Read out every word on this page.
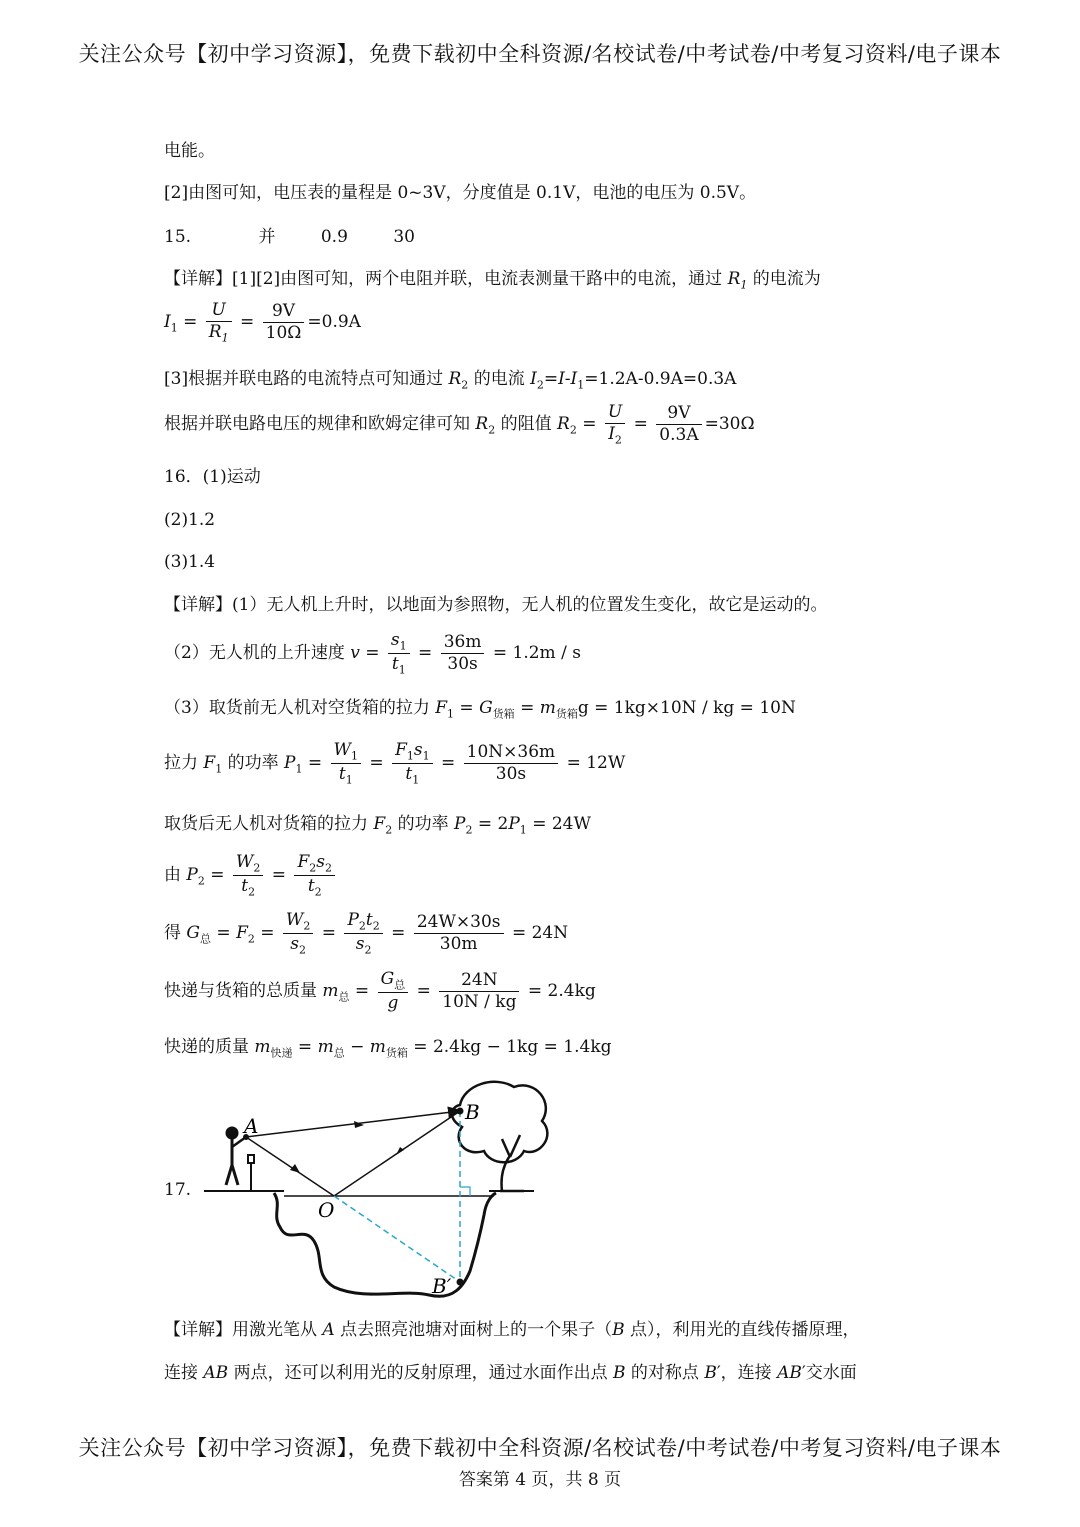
关注公众号【初中学习资源】，免费下载初中全科资源/名校试卷/中考试卷/中考复习资料/电子课本
电能。
[2]由图可知，电压表的量程是 0~3V，分度值是 0.1V，电池的电压为 0.5V。
15.	并	0.9	30
【详解】[1][2]由图可知，两个电阻并联，电流表测量干路中的电流，通过 $R_1$ 的电流为
$I_1 = \frac{U}{R_1} = \frac{9V}{10\Omega} =0.9A$
[3]根据并联电路的电流特点可知通过 $R_2$ 的电流 $I_2=I-I_1=1.2A-0.9A=0.3A$
根据并联电路电压的规律和欧姆定律可知 $R_2$ 的阻值 $R_2 = \frac{U}{I_2} = \frac{9V}{0.3A} =30\Omega$
16．(1)运动
(2)1.2
(3)1.4
【详解】(1）无人机上升时，以地面为参照物，无人机的位置发生变化，故它是运动的。
（2）无人机的上升速度 $v = \frac{s_1}{t_1} = \frac{36m}{30s} = 1.2m / s$
（3）取货前无人机对空货箱的拉力 $F_1 = G_{货箱} = m_{货箱}g = 1kg\times 10N$ / kg = 10N
拉力 $F_1$ 的功率 $P_1 = \frac{W_1}{t_1} = \frac{F_1s_1}{t_1} = \frac{10N\times 36m}{30s} = 12W$
取货后无人机对货箱的拉力 $F_2$ 的功率 $P_2 = 2P_1 = 24W$
由 $P_2 = \frac{W_2}{t_2} = \frac{F_2s_2}{t_2}$
得 $G_总 = F_2 = \frac{W_2}{s_2} = \frac{P_2t_2}{s_2} = \frac{24W\times 30s}{30m} = 24N$
快递与货箱的总质量 $m_总 = \frac{G_总}{g} = \frac{24N}{10N / kg} = 2.4kg$
快递的质量 $m_{快递} = m_总 - m_{货箱} = 2.4kg - 1kg = 1.4kg$
17.
A
B
O
B′
【详解】用激光笔从 A 点去照亮池塘对面树上的一个果子（B 点），利用光的直线传播原理，
连接 AB 两点，还可以利用光的反射原理，通过水面作出点 B 的对称点 B′，连接 AB′交水面
关注公众号【初中学习资源】，免费下载初中全科资源/名校试卷/中考试卷/中考复习资料/电子课本
答案第 4 页，共 8 页
